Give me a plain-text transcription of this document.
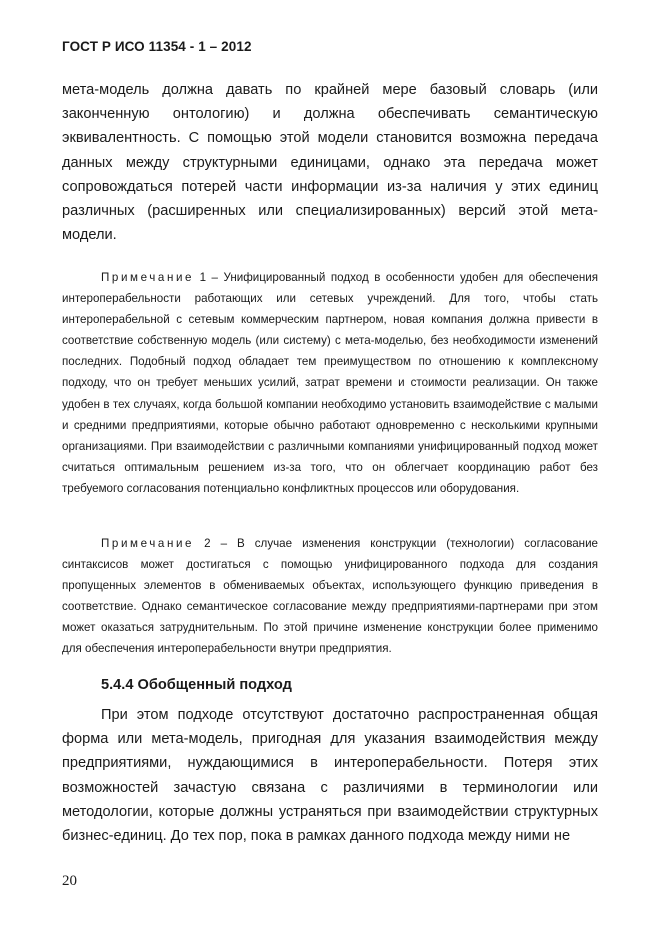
ГОСТ Р ИСО 11354 - 1 – 2012

мета-модель должна давать по крайней мере базовый словарь (или законченную онтологию) и должна обеспечивать семантическую эквивалентность. С помощью этой модели становится возможна передача данных между структурными единицами, однако эта передача может сопровождаться потерей части информации из-за наличия у этих единиц различных (расширенных или специализированных) версий этой мета-модели.

Примечание 1 – Унифицированный подход в особенности удобен для обеспечения интероперабельности работающих или сетевых учреждений. Для того, чтобы стать интероперабельной с сетевым коммерческим партнером, новая компания должна привести в соответствие собственную модель (или систему) с мета-моделью, без необходимости изменений последних. Подобный подход обладает тем преимуществом по отношению к комплексному подходу, что он требует меньших усилий, затрат времени и стоимости реализации. Он также удобен в тех случаях, когда большой компании необходимо установить взаимодействие с малыми и средними предприятиями, которые обычно работают одновременно с несколькими крупными организациями. При взаимодействии с различными компаниями унифицированный подход может считаться оптимальным решением из-за того, что он облегчает координацию работ без требуемого согласования потенциально конфликтных процессов или оборудования.

Примечание 2 – В случае изменения конструкции (технологии) согласование синтаксисов может достигаться с помощью унифицированного подхода для создания пропущенных элементов в обмениваемых объектах, использующего функцию приведения в соответствие. Однако семантическое согласование между предприятиями-партнерами при этом может оказаться затруднительным. По этой причине изменение конструкции более применимо для обеспечения интероперабельности внутри предприятия.

5.4.4 Обобщенный подход

При этом подходе отсутствуют достаточно распространенная общая форма или мета-модель, пригодная для указания взаимодействия между предприятиями, нуждающимися в интероперабельности. Потеря этих возможностей зачастую связана с различиями в терминологии или методологии, которые должны устраняться при взаимодействии структурных бизнес-единиц. До тех пор, пока в рамках данного подхода между ними не

20
